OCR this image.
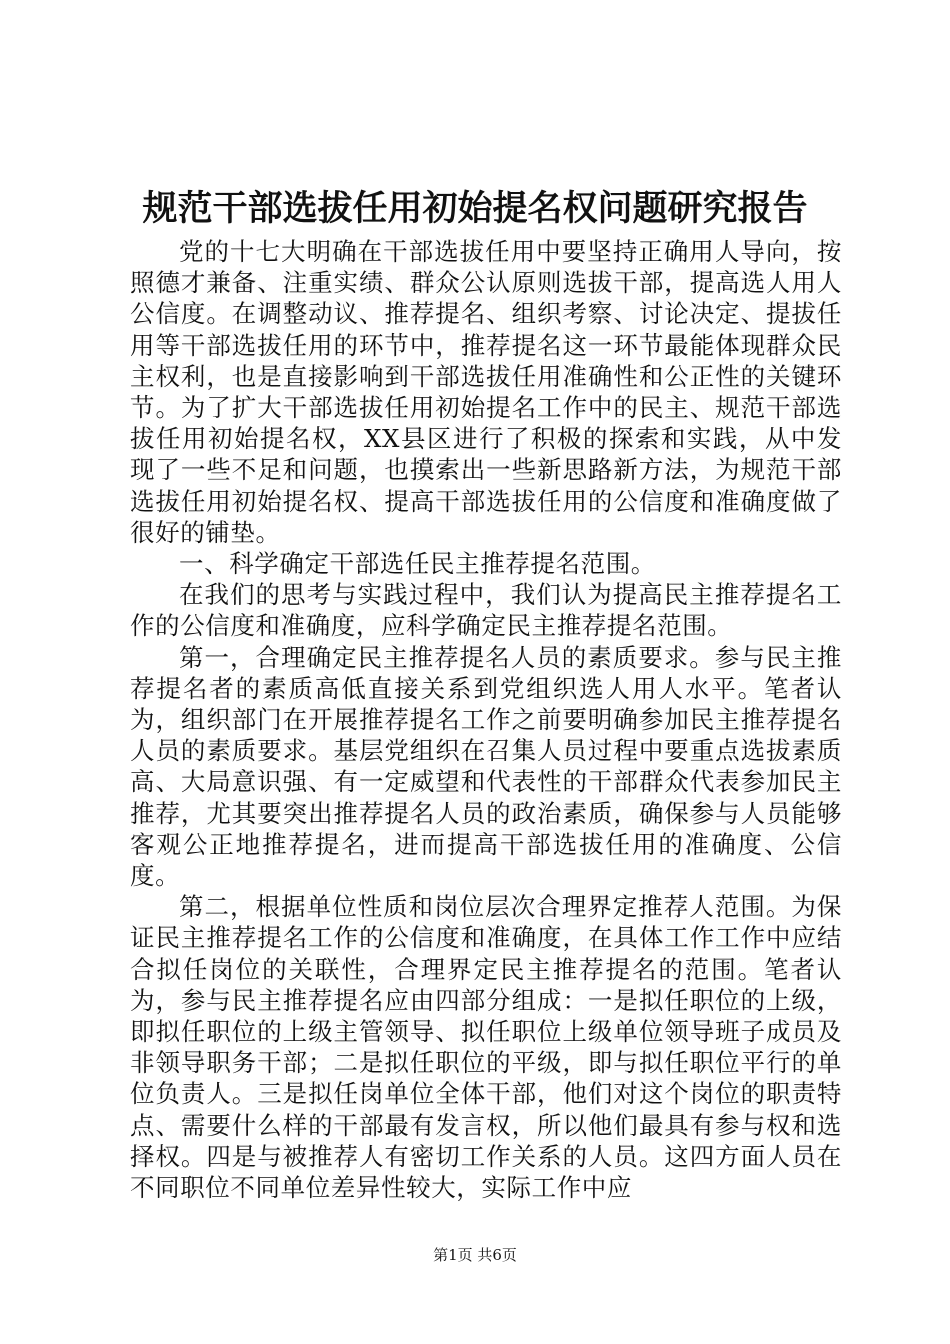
规范干部选拔任用初始提名权问题研究报告

党的十七大明确在干部选拔任用中要坚持正确用人导向，按照德才兼备、注重实绩、群众公认原则选拔干部，提高选人用人公信度。在调整动议、推荐提名、组织考察、讨论决定、提拔任用等干部选拔任用的环节中，推荐提名这一环节最能体现群众民主权利，也是直接影响到干部选拔任用准确性和公正性的关键环节。为了扩大干部选拔任用初始提名工作中的民主、规范干部选拔任用初始提名权，XX县区进行了积极的探索和实践，从中发现了一些不足和问题，也摸索出一些新思路新方法，为规范干部选拔任用初始提名权、提高干部选拔任用的公信度和准确度做了很好的铺垫。

一、科学确定干部选任民主推荐提名范围。

在我们的思考与实践过程中，我们认为提高民主推荐提名工作的公信度和准确度，应科学确定民主推荐提名范围。

第一，合理确定民主推荐提名人员的素质要求。参与民主推荐提名者的素质高低直接关系到党组织选人用人水平。笔者认为，组织部门在开展推荐提名工作之前要明确参加民主推荐提名人员的素质要求。基层党组织在召集人员过程中要重点选拔素质高、大局意识强、有一定威望和代表性的干部群众代表参加民主推荐，尤其要突出推荐提名人员的政治素质，确保参与人员能够客观公正地推荐提名，进而提高干部选拔任用的准确度、公信度。

第二，根据单位性质和岗位层次合理界定推荐人范围。为保证民主推荐提名工作的公信度和准确度，在具体工作工作中应结合拟任岗位的关联性，合理界定民主推荐提名的范围。笔者认为，参与民主推荐提名应由四部分组成：一是拟任职位的上级，即拟任职位的上级主管领导、拟任职位上级单位领导班子成员及非领导职务干部；二是拟任职位的平级，即与拟任职位平行的单位负责人。三是拟任岗单位全体干部，他们对这个岗位的职责特点、需要什么样的干部最有发言权，所以他们最具有参与权和选择权。四是与被推荐人有密切工作关系的人员。这四方面人员在不同职位不同单位差异性较大，实际工作中应

第1页 共6页
